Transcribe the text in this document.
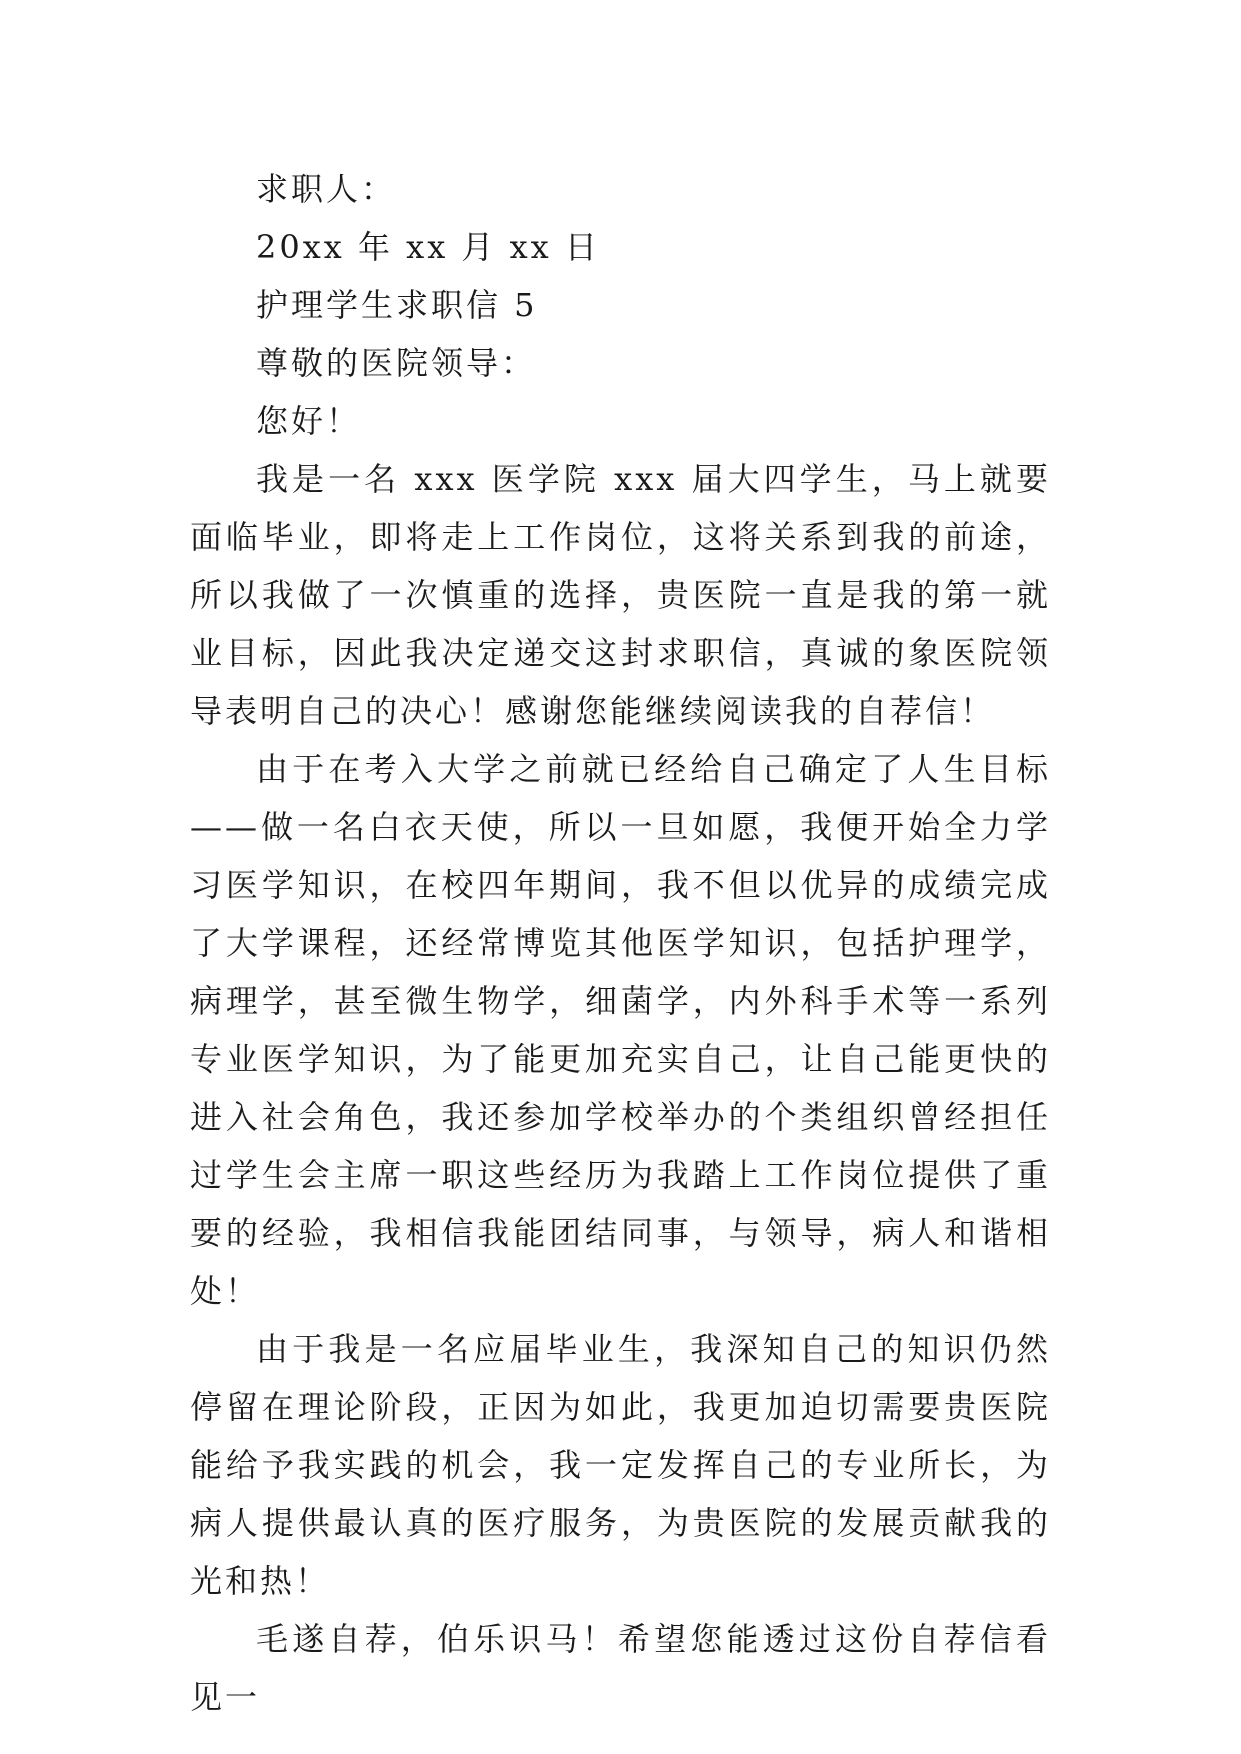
求职人：
20xx 年 xx 月 xx 日
护理学生求职信 5
尊敬的医院领导：
您好！

我是一名 xxx 医学院 xxx 届大四学生，马上就要面临毕业，即将走上工作岗位，这将关系到我的前途，所以我做了一次慎重的选择，贵医院一直是我的第一就业目标，因此我决定递交这封求职信，真诚的象医院领导表明自己的决心！感谢您能继续阅读我的自荐信！

由于在考入大学之前就已经给自己确定了人生目标——做一名白衣天使，所以一旦如愿，我便开始全力学习医学知识，在校四年期间，我不但以优异的成绩完成了大学课程，还经常博览其他医学知识，包括护理学，病理学，甚至微生物学，细菌学，内外科手术等一系列专业医学知识，为了能更加充实自己，让自己能更快的进入社会角色，我还参加学校举办的个类组织曾经担任过学生会主席一职这些经历为我踏上工作岗位提供了重要的经验，我相信我能团结同事，与领导，病人和谐相处！

由于我是一名应届毕业生，我深知自己的知识仍然停留在理论阶段，正因为如此，我更加迫切需要贵医院能给予我实践的机会，我一定发挥自己的专业所长，为病人提供最认真的医疗服务，为贵医院的发展贡献我的光和热！

毛遂自荐，伯乐识马！希望您能透过这份自荐信看见一
